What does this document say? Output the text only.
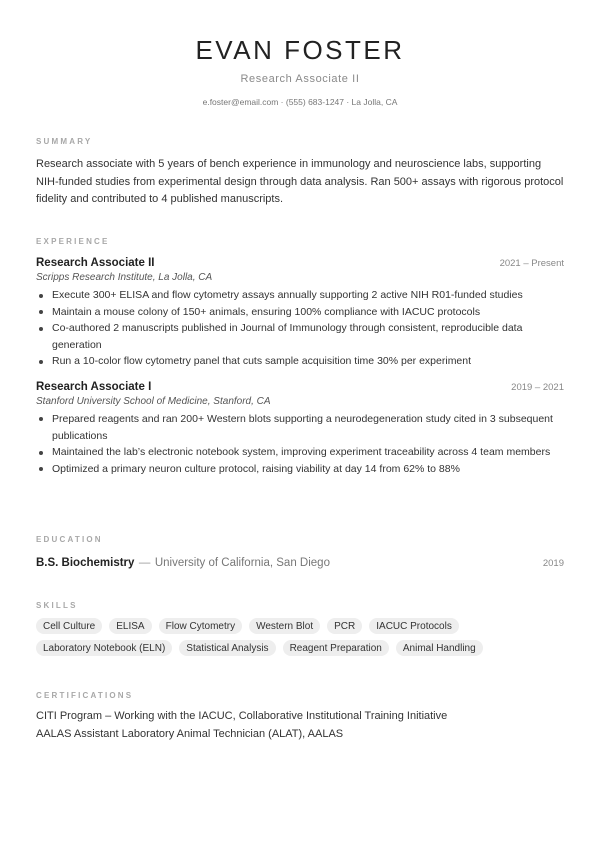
EVAN FOSTER
Research Associate II
e.foster@email.com · (555) 683-1247 · La Jolla, CA
SUMMARY

Research associate with 5 years of bench experience in immunology and neuroscience labs, supporting NIH-funded studies from experimental design through data analysis. Ran 500+ assays with rigorous protocol fidelity and contributed to 4 published manuscripts.

EXPERIENCE
Research Associate II	2021 – Present
Scripps Research Institute, La Jolla, CA
Execute 300+ ELISA and flow cytometry assays annually supporting 2 active NIH R01-funded studies
Maintain a mouse colony of 150+ animals, ensuring 100% compliance with IACUC protocols
Co-authored 2 manuscripts published in Journal of Immunology through consistent, reproducible data generation
Run a 10-color flow cytometry panel that cuts sample acquisition time 30% per experiment
Research Associate I	2019 – 2021
Stanford University School of Medicine, Stanford, CA
Prepared reagents and ran 200+ Western blots supporting a neurodegeneration study cited in 3 subsequent publications
Maintained the lab’s electronic notebook system, improving experiment traceability across 4 team members
Optimized a primary neuron culture protocol, raising viability at day 14 from 62% to 88%
EDUCATION
B.S. Biochemistry — University of California, San Diego	2019
SKILLS
Cell Culture	ELISA	Flow Cytometry	Western Blot	PCR	IACUC Protocols
Laboratory Notebook (ELN)	Statistical Analysis	Reagent Preparation	Animal Handling
CERTIFICATIONS
CITI Program – Working with the IACUC, Collaborative Institutional Training Initiative
AALAS Assistant Laboratory Animal Technician (ALAT), AALAS
